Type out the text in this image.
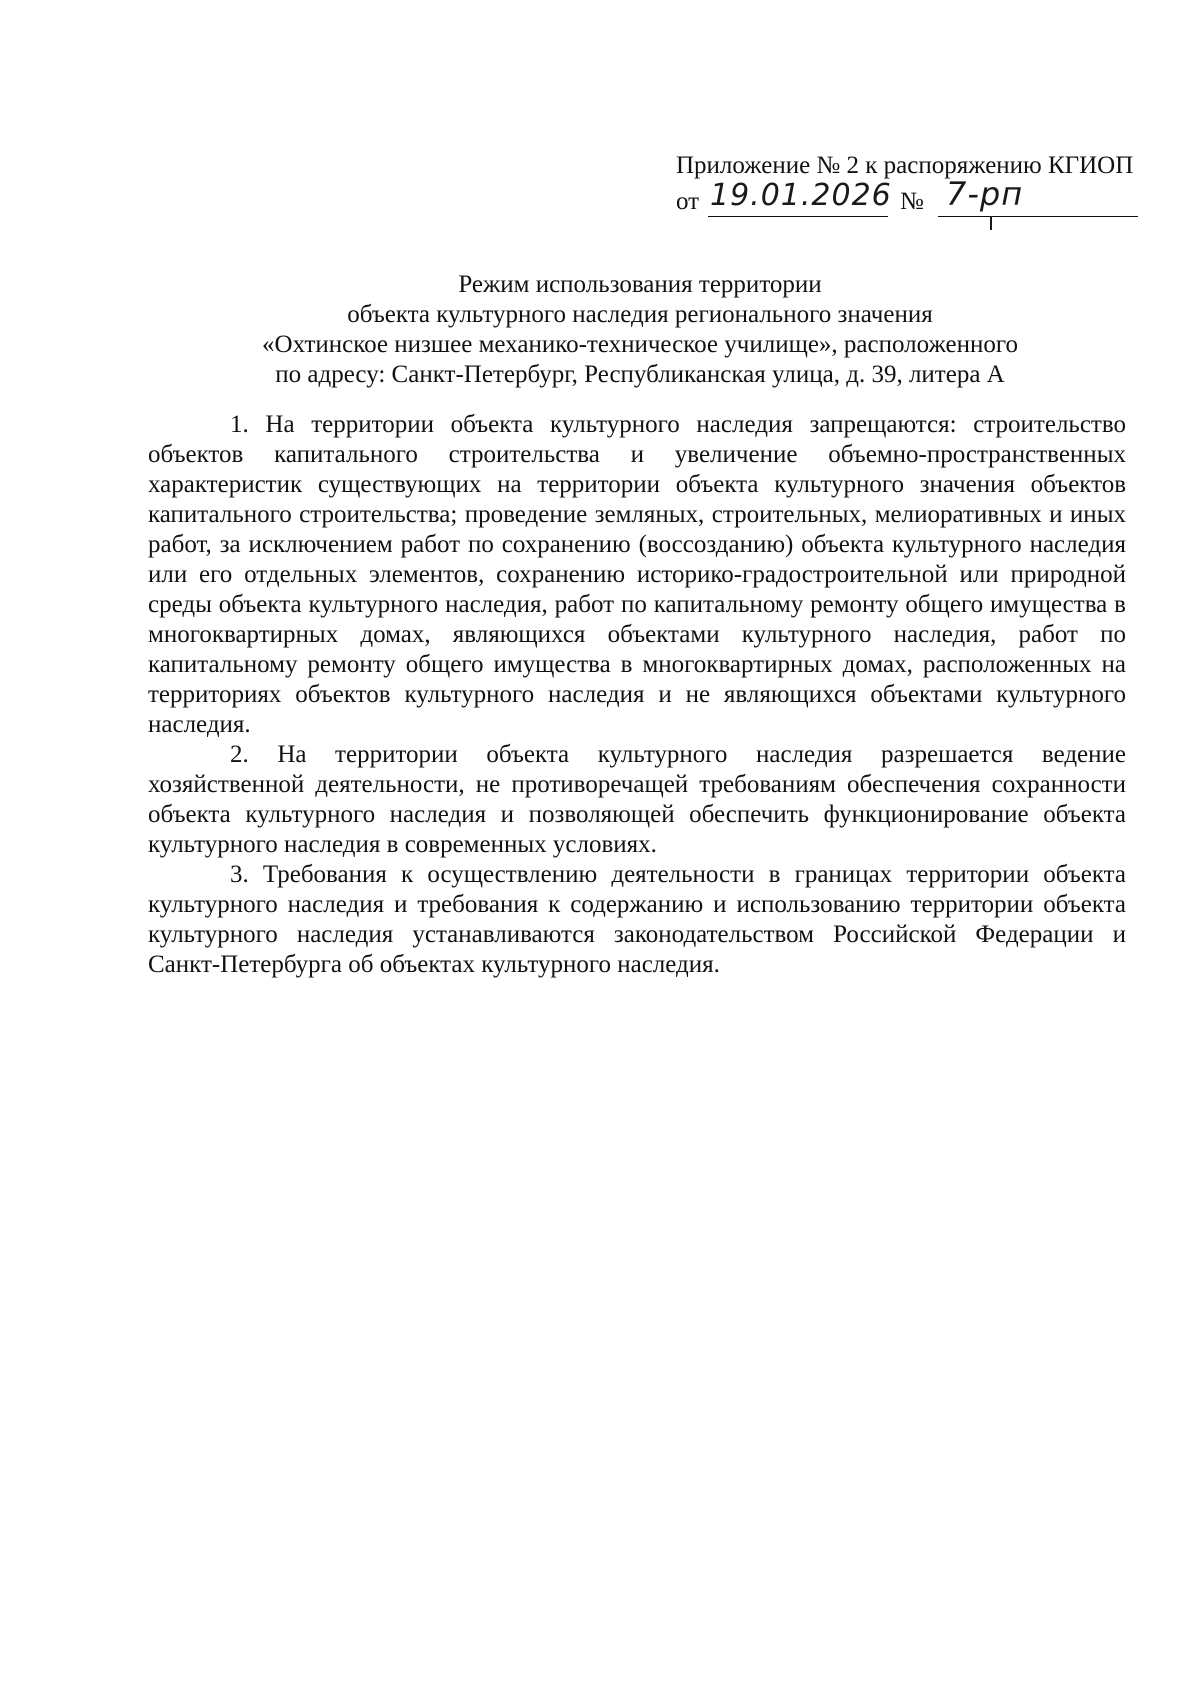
Приложение № 2 к распоряжению КГИОП
от 19.01.2026 № 7-рп
Режим использования территории
объекта культурного наследия регионального значения
«Охтинское низшее механико-техническое училище», расположенного
по адресу: Санкт-Петербург, Республиканская улица, д. 39, литера А

1. На территории объекта культурного наследия запрещаются: строительство объектов капитального строительства и увеличение объемно-пространственных характеристик существующих на территории объекта культурного значения объектов капитального строительства; проведение земляных, строительных, мелиоративных и иных работ, за исключением работ по сохранению (воссозданию) объекта культурного наследия или его отдельных элементов, сохранению историко-градостроительной или природной среды объекта культурного наследия, работ по капитальному ремонту общего имущества в многоквартирных домах, являющихся объектами культурного наследия, работ по капитальному ремонту общего имущества в многоквартирных домах, расположенных на территориях объектов культурного наследия и не являющихся объектами культурного наследия.

2. На территории объекта культурного наследия разрешается ведение хозяйственной деятельности, не противоречащей требованиям обеспечения сохранности объекта культурного наследия и позволяющей обеспечить функционирование объекта культурного наследия в современных условиях.

3. Требования к осуществлению деятельности в границах территории объекта культурного наследия и требования к содержанию и использованию территории объекта культурного наследия устанавливаются законодательством Российской Федерации и Санкт-Петербурга об объектах культурного наследия.
